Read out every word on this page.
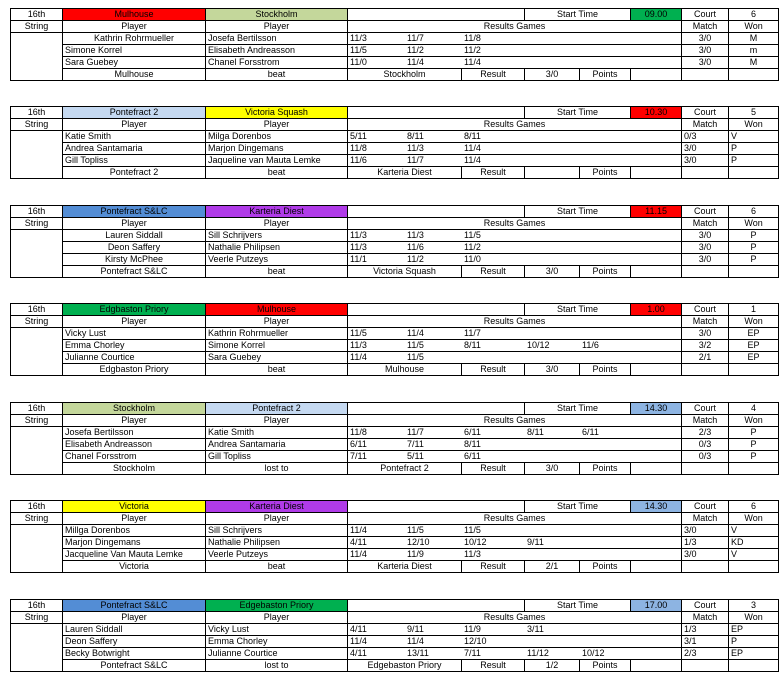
16th	Mulhouse	Stockholm				Start Time		09.00	Court	6
String	Player	Player	Results Games						Match	Won
	Kathrin Rohrmueller	Josefa Bertilsson	11/3	11/7	11/8				3/0	M
	Simone Korrel	Elisabeth Andreasson	11/5	11/2	11/2				3/0	m
	Sara Guebey	Chanel Forsstrom	11/0	11/4	11/4				3/0	M
	Mulhouse	beat	Stockholm		Result	3/0	Points			
16th	Pontefract 2	Victoria Squash				Start Time		10.30	Court	5
String	Player	Player	Results Games						Match	Won
	Katie Smith	Milga Dorenbos	5/11	8/11	8/11				0/3	V
	Andrea Santamaria	Marjon Dingemans	11/8	11/3	11/4				3/0	P
	Gill Topliss	Jaqueline van Mauta Lemke	11/6	11/7	11/4				3/0	P
	Pontefract 2	beat	Karteria Diest		Result		Points			
16th	Pontefract S&LC	Karteria Diest				Start Time		11.15	Court	6
String	Player	Player	Results Games						Match	Won
	Lauren Siddall	Sill Schrijvers	11/3	11/3	11/5				3/0	P
	Deon Saffery	Nathalie Philipsen	11/3	11/6	11/2				3/0	P
	Kirsty McPhee	Veerle Putzeys	11/1	11/2	11/0				3/0	P
	Pontefract S&LC	beat	Victoria Squash		Result	3/0	Points			
16th	Edgbaston Priory	Mulhouse				Start Time		1.00	Court	1
String	Player	Player	Results Games						Match	Won
	Vicky Lust	Kathrin Rohrmueller	11/5	11/4	11/7				3/0	EP
	Emma Chorley	Simone Korrel	11/3	11/5	8/11	10/12	11/6		3/2	EP
	Julianne Courtice	Sara Guebey	11/4	11/5					2/1	EP
	Edgbaston Priory	beat	Mulhouse		Result	3/0	Points			
16th	Stockholm	Pontefract 2				Start Time		14.30	Court	4
String	Player	Player	Results Games						Match	Won
	Josefa Bertilsson	Katie Smith	11/8	11/7	6/11	8/11	6/11		2/3	P
	Elisabeth Andreasson	Andrea Santamaria	6/11	7/11	8/11				0/3	P
	Chanel Forsstrom	Gill Topliss	7/11	5/11	6/11				0/3	P
	Stockholm	lost to	Pontefract 2		Result	3/0	Points			
16th	Victoria	Karteria Diest				Start Time		14.30	Court	6
String	Player	Player	Results Games						Match	Won
	Millga Dorenbos	Sill Schrijvers	11/4	11/5	11/5				3/0	V
	Marjon Dingemans	Nathalie Philipsen	4/11	12/10	10/12	9/11			1/3	KD
	Jacqueline Van Mauta Lemke	Veerle Putzeys	11/4	11/9	11/3				3/0	V
	Victoria	beat	Karteria Diest		Result	2/1	Points			
16th	Pontefract S&LC	Edgebaston Priory				Start Time		17.00	Court	3
String	Player	Player	Results Games						Match	Won
	Lauren Siddall	Vicky Lust	4/11	9/11	11/9	3/11			1/3	EP
	Deon Saffery	Emma Chorley	11/4	11/4	12/10				3/1	P
	Becky Botwright	Julianne Courtice	4/11	13/11	7/11	11/12	10/12		2/3	EP
	Pontefract S&LC	lost to	Edgebaston Priory		Result	1/2	Points			
